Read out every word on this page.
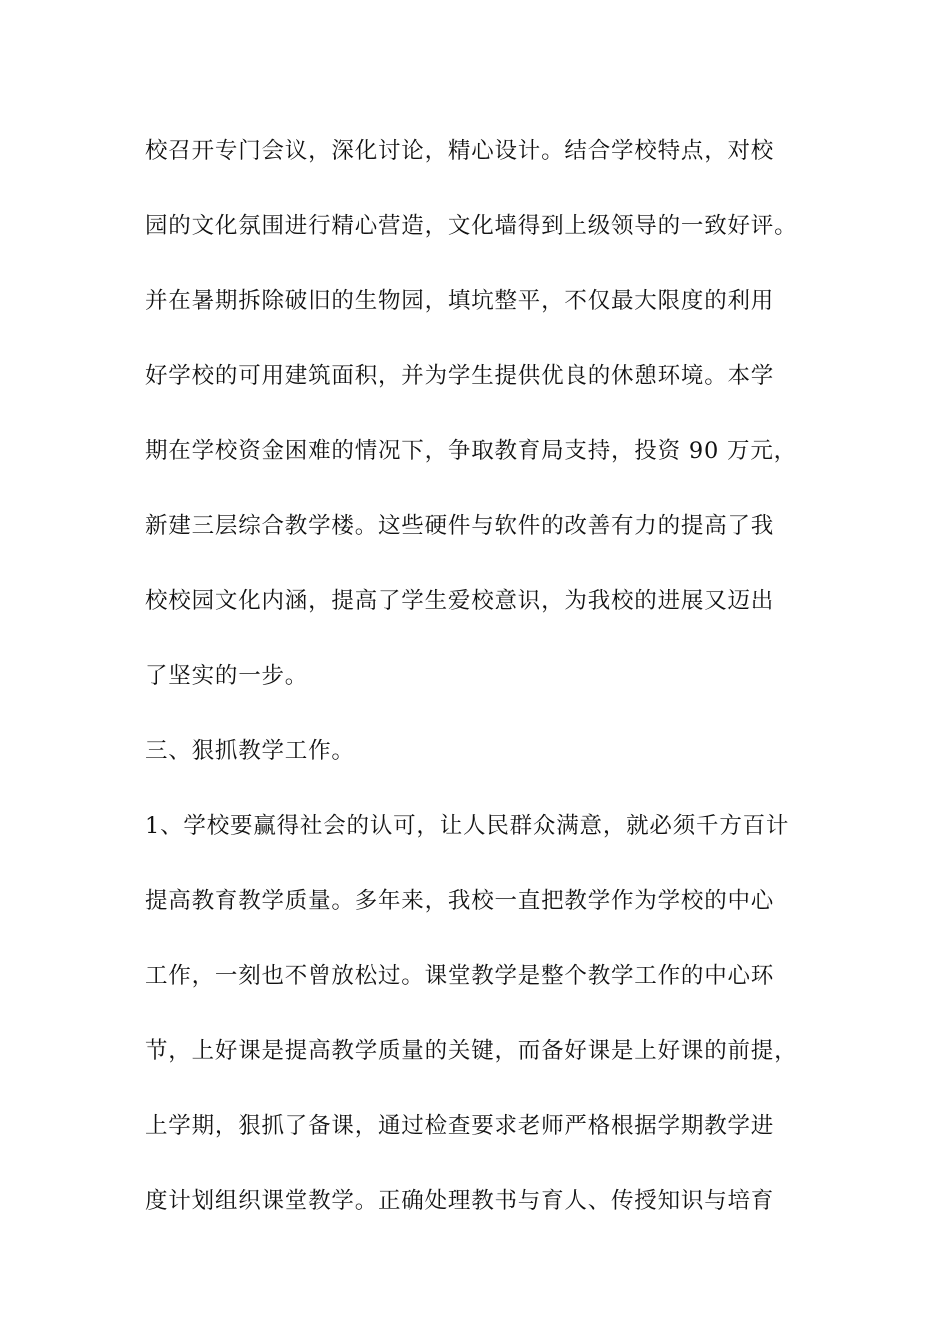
校召开专门会议，深化讨论，精心设计。结合学校特点，对校
园的文化氛围进行精心营造，文化墙得到上级领导的一致好评。
并在暑期拆除破旧的生物园，填坑整平，不仅最大限度的利用
好学校的可用建筑面积，并为学生提供优良的休憩环境。本学
期在学校资金困难的情况下，争取教育局支持，投资 90 万元，
新建三层综合教学楼。这些硬件与软件的改善有力的提高了我
校校园文化内涵，提高了学生爱校意识，为我校的进展又迈出
了坚实的一步。
三、狠抓教学工作。
1、学校要赢得社会的认可，让人民群众满意，就必须千方百计
提高教育教学质量。多年来，我校一直把教学作为学校的中心
工作，一刻也不曾放松过。课堂教学是整个教学工作的中心环
节，上好课是提高教学质量的关键，而备好课是上好课的前提，
上学期，狠抓了备课，通过检查要求老师严格根据学期教学进
度计划组织课堂教学。正确处理教书与育人、传授知识与培育
